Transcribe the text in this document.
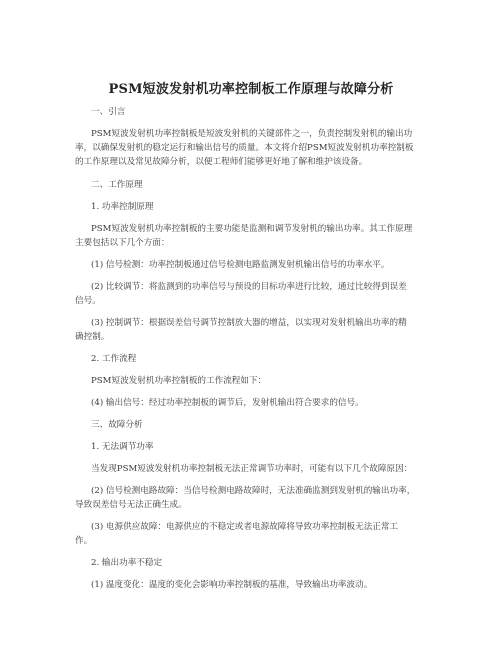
PSM短波发射机功率控制板工作原理与故障分析
一、引言
PSM短波发射机功率控制板是短波发射机的关键部件之一，负责控制发射机的输出功
率，以确保发射机的稳定运行和输出信号的质量。本文将介绍PSM短波发射机功率控制板
的工作原理以及常见故障分析，以便工程师们能够更好地了解和维护该设备。
二、工作原理
1. 功率控制原理
PSM短波发射机功率控制板的主要功能是监测和调节发射机的输出功率。其工作原理
主要包括以下几个方面：
(1) 信号检测：功率控制板通过信号检测电路监测发射机输出信号的功率水平。
(2) 比较调节：将监测到的功率信号与预设的目标功率进行比较，通过比较得到误差
信号。
(3) 控制调节：根据误差信号调节控制放大器的增益，以实现对发射机输出功率的精
确控制。
2. 工作流程
PSM短波发射机功率控制板的工作流程如下：
(4) 输出信号：经过功率控制板的调节后，发射机输出符合要求的信号。
三、故障分析
1. 无法调节功率
当发现PSM短波发射机功率控制板无法正常调节功率时，可能有以下几个故障原因：
(2) 信号检测电路故障：当信号检测电路故障时，无法准确监测到发射机的输出功率，
导致误差信号无法正确生成。
(3) 电源供应故障：电源供应的不稳定或者电源故障将导致功率控制板无法正常工
作。
2. 输出功率不稳定
(1) 温度变化：温度的变化会影响功率控制板的基准，导致输出功率波动。
